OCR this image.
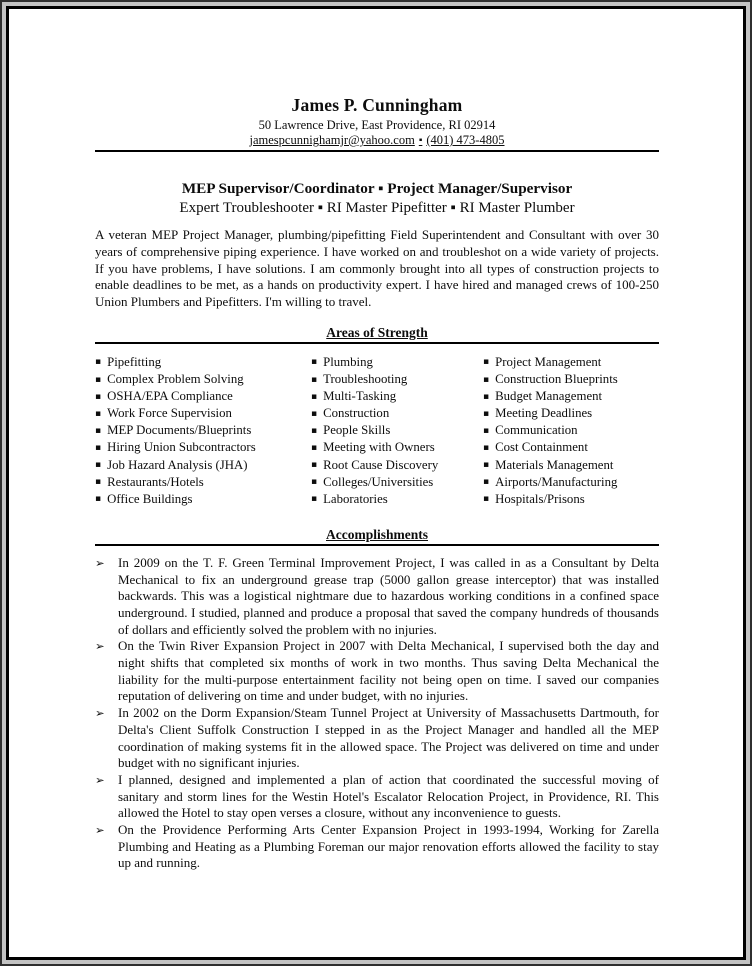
James P. Cunningham
50 Lawrence Drive, East Providence, RI 02914
jamespcunnighamjr@yahoo.com ▪ (401) 473-4805
MEP Supervisor/Coordinator ▪ Project Manager/Supervisor
Expert Troubleshooter ▪ RI Master Pipefitter ▪ RI Master Plumber

A veteran MEP Project Manager, plumbing/pipefitting Field Superintendent and Consultant with over 30 years of comprehensive piping experience. I have worked on and troubleshot on a wide variety of projects. If you have problems, I have solutions. I am commonly brought into all types of construction projects to enable deadlines to be met, as a hands on productivity expert. I have hired and managed crews of 100-250 Union Plumbers and Pipefitters. I'm willing to travel.

Areas of Strength
▪ Pipefitting
▪ Complex Problem Solving
▪ OSHA/EPA Compliance
▪ Work Force Supervision
▪ MEP Documents/Blueprints
▪ Hiring Union Subcontractors
▪ Job Hazard Analysis (JHA)
▪ Restaurants/Hotels
▪ Office Buildings
▪ Plumbing
▪ Troubleshooting
▪ Multi-Tasking
▪ Construction
▪ People Skills
▪ Meeting with Owners
▪ Root Cause Discovery
▪ Colleges/Universities
▪ Laboratories
▪ Project Management
▪ Construction Blueprints
▪ Budget Management
▪ Meeting Deadlines
▪ Communication
▪ Cost Containment
▪ Materials Management
▪ Airports/Manufacturing
▪ Hospitals/Prisons
Accomplishments
➢ In 2009 on the T. F. Green Terminal Improvement Project, I was called in as a Consultant by Delta Mechanical to fix an underground grease trap (5000 gallon grease interceptor) that was installed backwards. This was a logistical nightmare due to hazardous working conditions in a confined space underground. I studied, planned and produce a proposal that saved the company hundreds of thousands of dollars and efficiently solved the problem with no injuries.
➢ On the Twin River Expansion Project in 2007 with Delta Mechanical, I supervised both the day and night shifts that completed six months of work in two months. Thus saving Delta Mechanical the liability for the multi-purpose entertainment facility not being open on time. I saved our companies reputation of delivering on time and under budget, with no injuries.
➢ In 2002 on the Dorm Expansion/Steam Tunnel Project at University of Massachusetts Dartmouth, for Delta's Client Suffolk Construction I stepped in as the Project Manager and handled all the MEP coordination of making systems fit in the allowed space. The Project was delivered on time and under budget with no significant injuries.
➢ I planned, designed and implemented a plan of action that coordinated the successful moving of sanitary and storm lines for the Westin Hotel's Escalator Relocation Project, in Providence, RI. This allowed the Hotel to stay open verses a closure, without any inconvenience to guests.
➢ On the Providence Performing Arts Center Expansion Project in 1993-1994, Working for Zarella Plumbing and Heating as a Plumbing Foreman our major renovation efforts allowed the facility to stay up and running.
